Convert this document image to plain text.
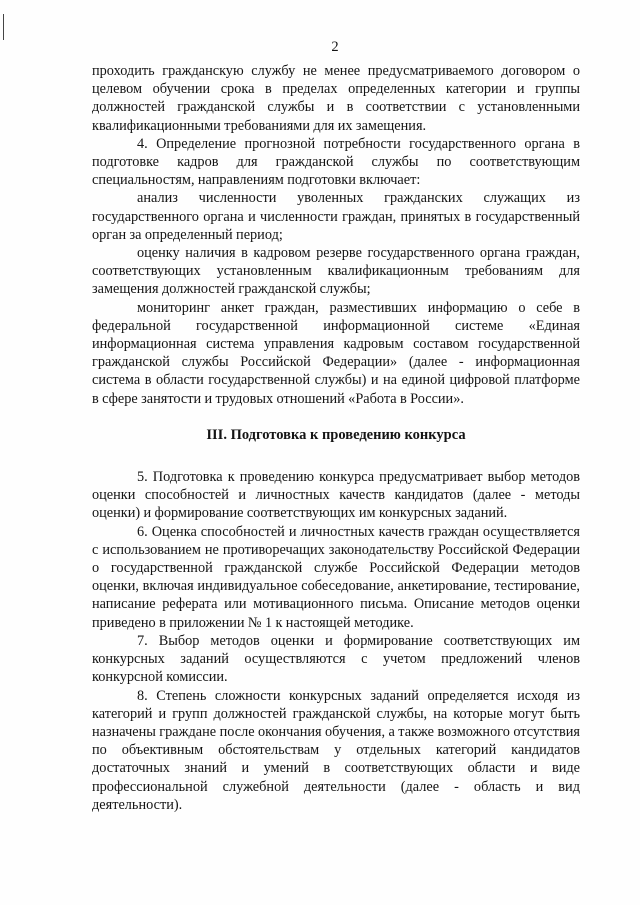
2

проходить гражданскую службу не менее предусматриваемого договором о целевом обучении срока в пределах определенных категории и группы должностей гражданской службы и в соответствии с установленными квалификационными требованиями для их замещения.

4. Определение прогнозной потребности государственного органа в подготовке кадров для гражданской службы по соответствующим специальностям, направлениям подготовки включает:

анализ численности уволенных гражданских служащих из государственного органа и численности граждан, принятых в государственный орган за определенный период;

оценку наличия в кадровом резерве государственного органа граждан, соответствующих установленным квалификационным требованиям для замещения должностей гражданской службы;

мониторинг анкет граждан, разместивших информацию о себе в федеральной государственной информационной системе «Единая информационная система управления кадровым составом государственной гражданской службы Российской Федерации» (далее - информационная система в области государственной службы) и на единой цифровой платформе в сфере занятости и трудовых отношений «Работа в России».

III. Подготовка к проведению конкурса

5. Подготовка к проведению конкурса предусматривает выбор методов оценки способностей и личностных качеств кандидатов (далее - методы оценки) и формирование соответствующих им конкурсных заданий.

6. Оценка способностей и личностных качеств граждан осуществляется с использованием не противоречащих законодательству Российской Федерации о государственной гражданской службе Российской Федерации методов оценки, включая индивидуальное собеседование, анкетирование, тестирование, написание реферата или мотивационного письма. Описание методов оценки приведено в приложении № 1 к настоящей методике.

7. Выбор методов оценки и формирование соответствующих им конкурсных заданий осуществляются с учетом предложений членов конкурсной комиссии.

8. Степень сложности конкурсных заданий определяется исходя из категорий и групп должностей гражданской службы, на которые могут быть назначены граждане после окончания обучения, а также возможного отсутствия по объективным обстоятельствам у отдельных категорий кандидатов достаточных знаний и умений в соответствующих области и виде профессиональной служебной деятельности (далее - область и вид деятельности).
